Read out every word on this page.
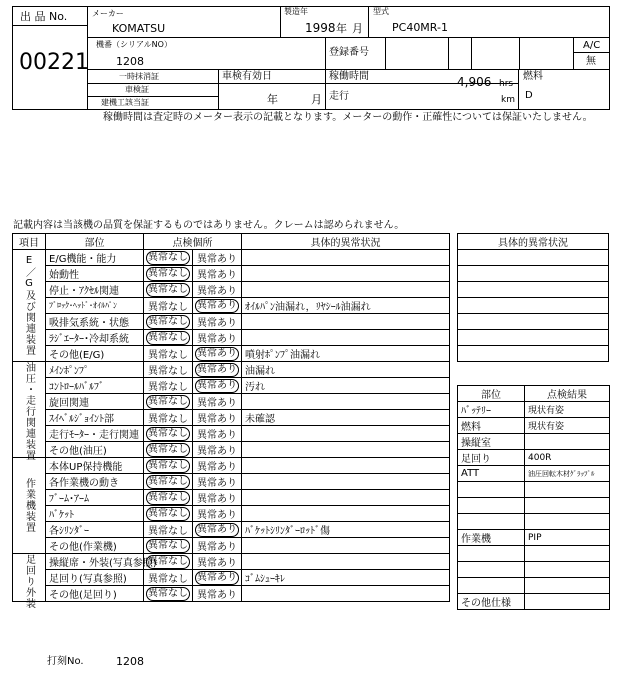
出 品 No.
00221
メーカー
KOMATSU
製造年
1998 年 月
型式
PC40MR-1
機番（シリアルNO）
1208
登録番号
A/C
無
一時抹消証
車検証
建機工該当証
車検有効日
年	月
稼働時間	4,906 hrs
走行	km
燃料
D
稼働時間は査定時のメーター表示の記載となります。メーターの動作・正確性については保証いたしません。
記載内容は当該機の品質を保証するものではありません。クレームは認められません。
項目	部位	点検個所		具体的異常状況
E／G及び関連装置	E/G機能・能力	異常なし	異常あり	
	始動性	異常なし	異常あり	
	停止・ｱｸｾﾙ関連	異常なし	異常あり	
	ﾌﾞﾛｯｸ･ﾍｯﾄﾞ･ｵｲﾙﾊﾟﾝ	異常なし	異常あり	ｵｲﾙﾊﾟﾝ油漏れ，ﾘﾔｼｰﾙ油漏れ
	吸排気系統・状態	異常なし	異常あり	
	ﾗｼﾞｴｰﾀｰ･冷却系統	異常なし	異常あり	
	その他(E/G)	異常なし	異常あり	噴射ﾎﾟﾝﾌﾟ油漏れ
油圧・走行関連装置	ﾒｲﾝﾎﾟﾝﾌﾟ	異常なし	異常あり	油漏れ
	ｺﾝﾄﾛｰﾙﾊﾞﾙﾌﾞ	異常なし	異常あり	汚れ
	旋回関連	異常なし	異常あり	
	ｽｲﾍﾞﾙｼﾞｮｲﾝﾄ部	異常なし	異常あり	未確認
	走行ﾓｰﾀｰ・走行関連	異常なし	異常あり	
	その他(油圧)	異常なし	異常あり	
作業機装置	本体UP保持機能	異常なし	異常あり	
	各作業機の動き	異常なし	異常あり	
	ﾌﾞｰﾑ･ｱｰﾑ	異常なし	異常あり	
	ﾊﾞｹｯﾄ	異常なし	異常あり	
	各ｼﾘﾝﾀﾞｰ	異常なし	異常あり	ﾊﾞｹｯﾄｼﾘﾝﾀﾞｰﾛｯﾄﾞ傷
	その他(作業機)	異常なし	異常あり	
足回り外装	操縦席・外装(写真参照)	異常なし	異常あり	
	足回り(写真参照)	異常なし	異常あり	ｺﾞﾑｼｭｰｷﾚ
	その他(足回り)	異常なし	異常あり	
具体的異常状況

部位	点検結果
ﾊﾞｯﾃﾘｰ	現状有姿
燃料	現状有姿
操縦室	
足回り	400R
ATT	油圧回転木材ｸﾞﾗｯﾌﾟﾙ

作業機	PIP

その他仕様	
打刻No.	1208
